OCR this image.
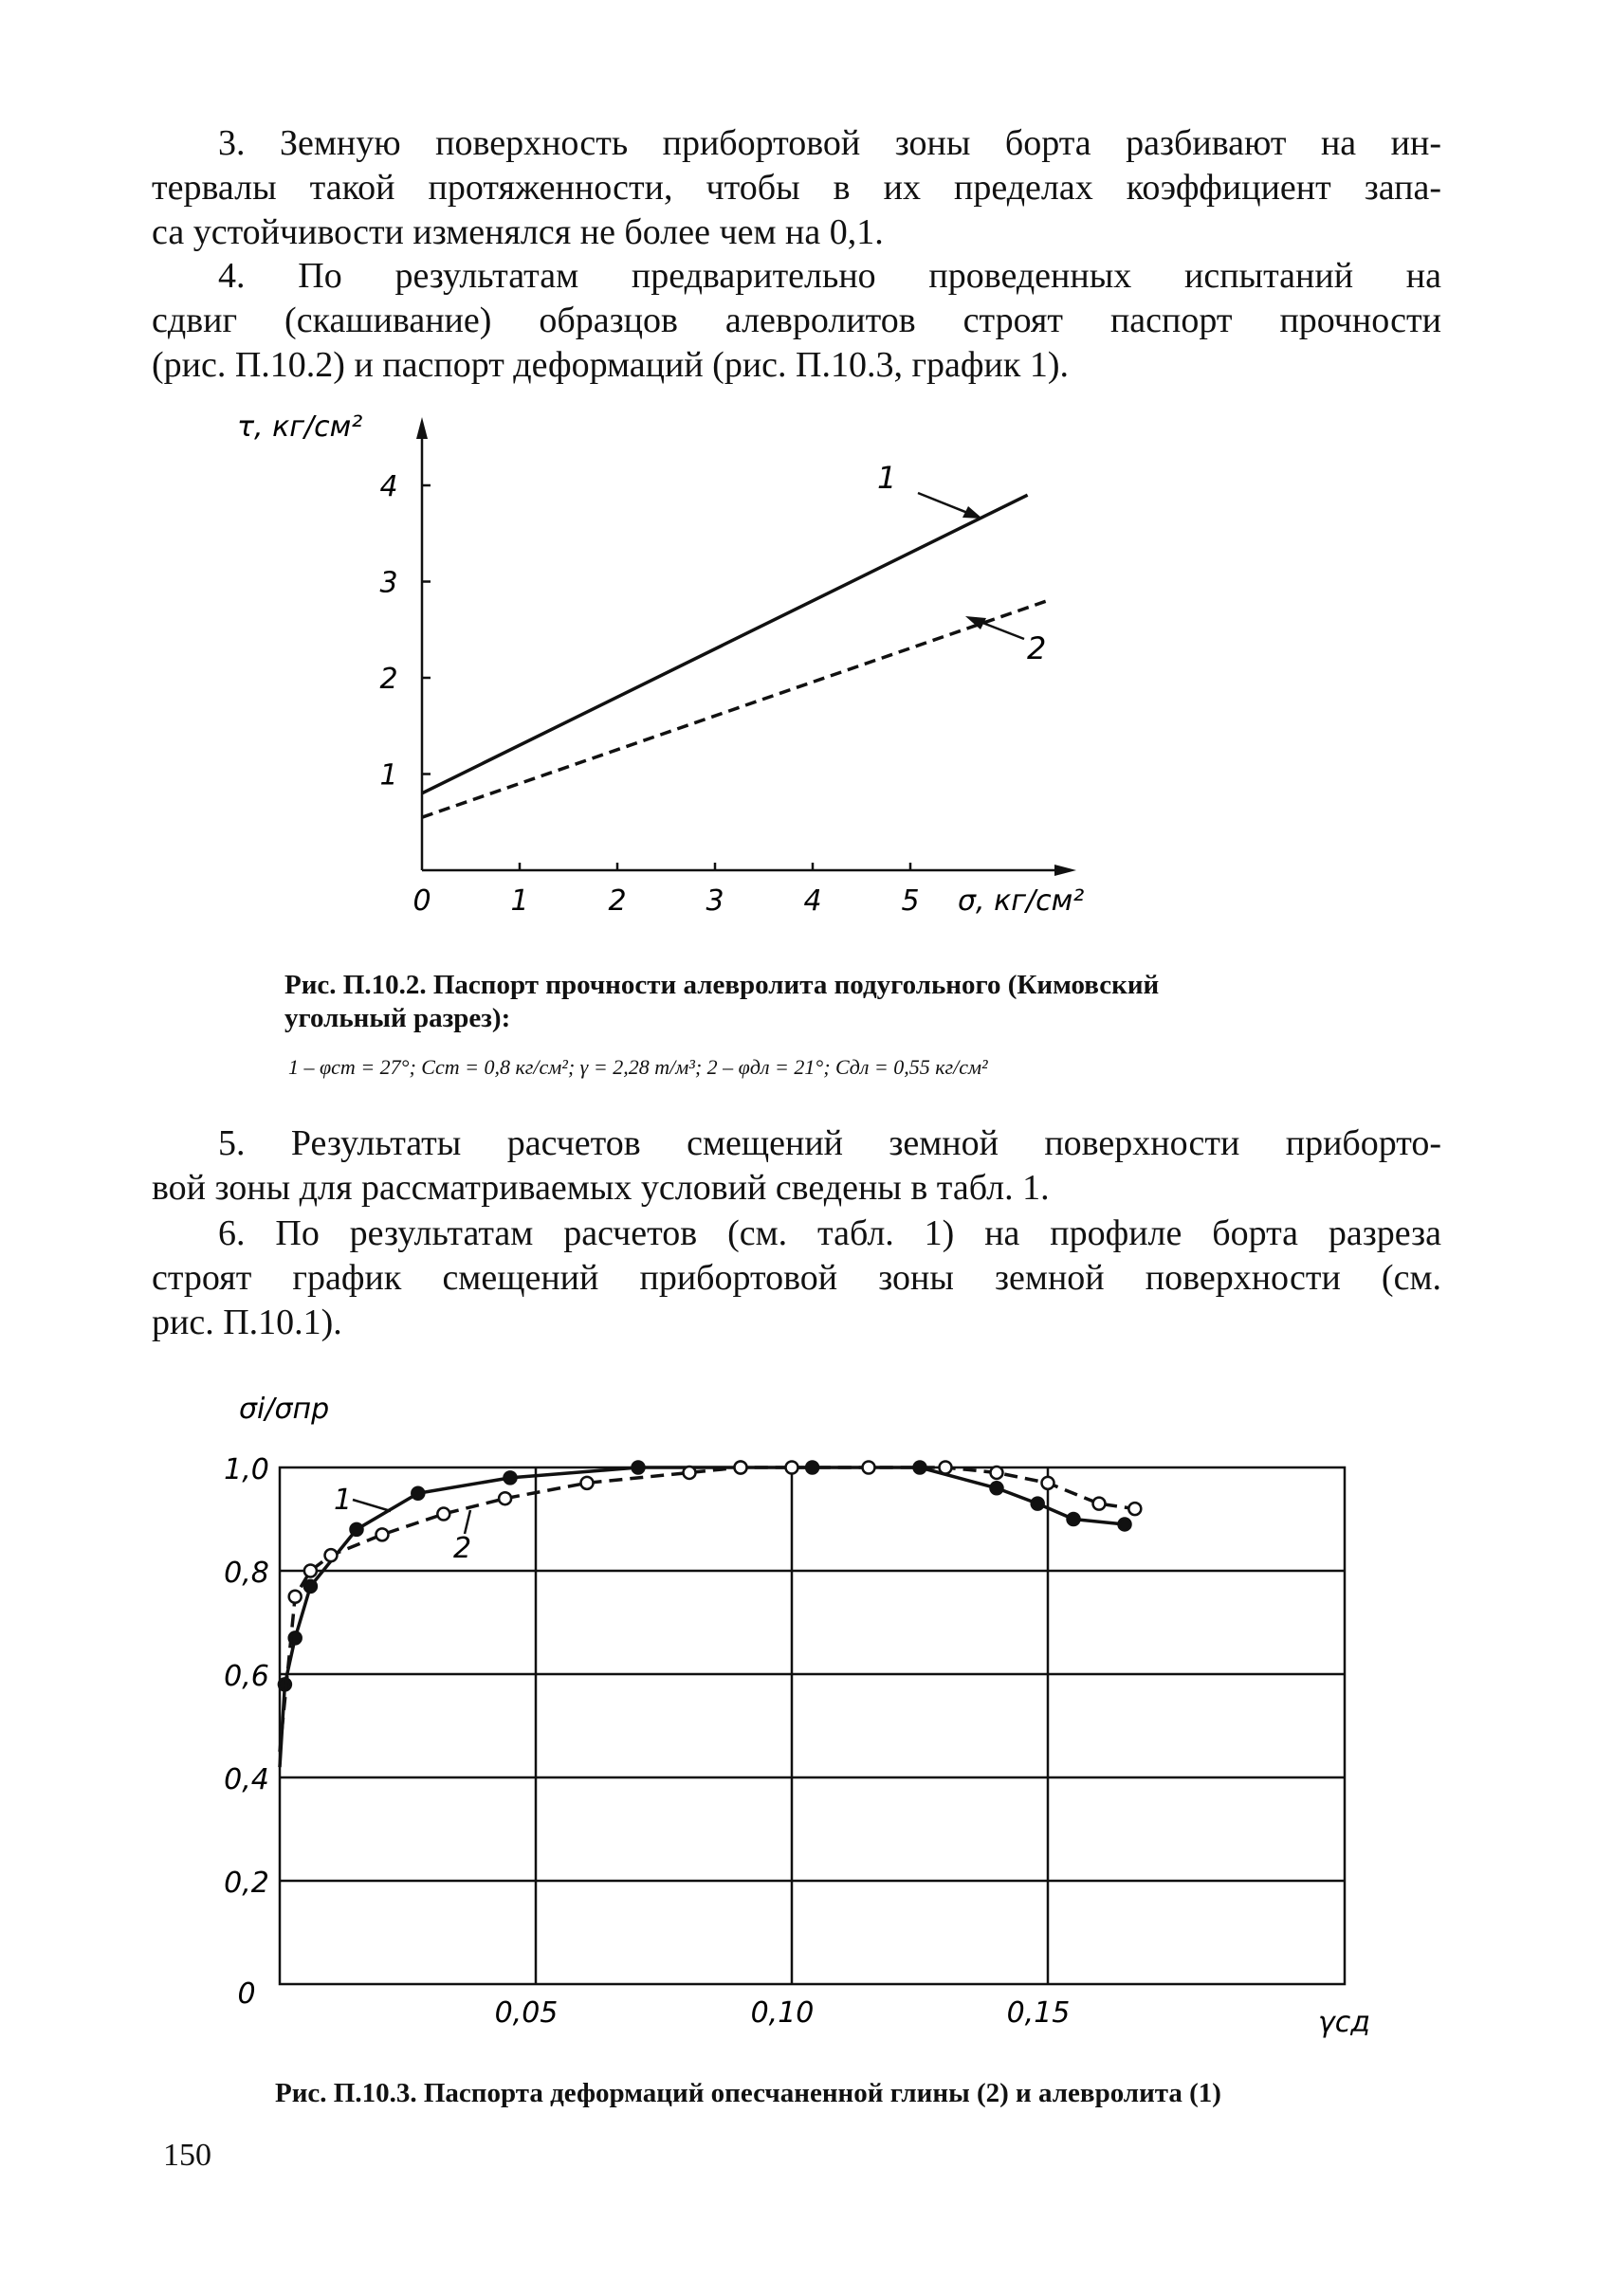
3. Земную поверхность прибортовой зоны борта разбивают на ин-
тервалы такой протяженности, чтобы в их пределах коэффициент запа-
са устойчивости изменялся не более чем на 0,1.
4. По результатам предварительно проведенных испытаний на
сдвиг (скашивание) образцов алевролитов строят паспорт прочности
(рис. П.10.2) и паспорт деформаций (рис. П.10.3, график 1).
0	1	2	3	4	5
1
2
3
4
σ, кг/см²
τ, кг/см²
1
2
Рис. П.10.2. Паспорт прочности алевролита подугольного (Кимовский
угольный разрез):
1 – φст = 27°; Cст = 0,8 кг/см²; γ = 2,28 т/м³; 2 – φдл = 21°; Cдл = 0,55 кг/см²
5. Результаты расчетов смещений земной поверхности приборто-
вой зоны для рассматриваемых условий сведены в табл. 1.
6. По результатам расчетов (см. табл. 1) на профиле борта разреза
строят график смещений прибортовой зоны земной поверхности (см.
рис. П.10.1).
0
0,2
0,4
0,6
0,8
1,0
0,05	0,10	0,15	γсд
σi/σпр
1
2
Рис. П.10.3. Паспорта деформаций опесчаненной глины (2) и алевролита (1)
150
